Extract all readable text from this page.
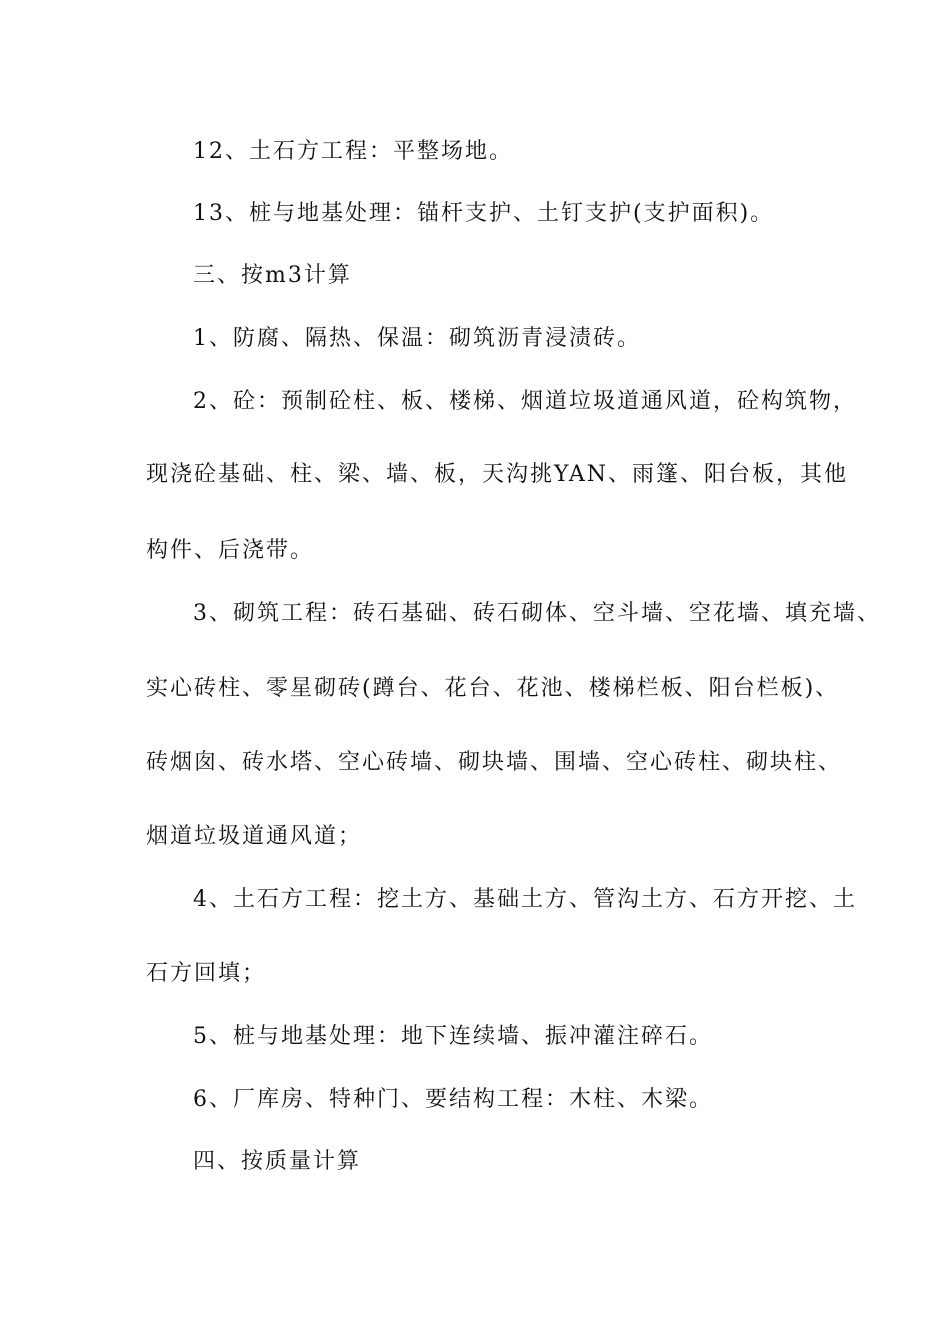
12、土石方工程：平整场地。
13、桩与地基处理：锚杆支护、土钉支护(支护面积)。
三、按m3计算
1、防腐、隔热、保温：砌筑沥青浸渍砖。
2、砼：预制砼柱、板、楼梯、烟道垃圾道通风道，砼构筑物，
现浇砼基础、柱、梁、墙、板，天沟挑YAN、雨篷、阳台板，其他
构件、后浇带。
3、砌筑工程：砖石基础、砖石砌体、空斗墙、空花墙、填充墙、
实心砖柱、零星砌砖(蹲台、花台、花池、楼梯栏板、阳台栏板)、
砖烟囱、砖水塔、空心砖墙、砌块墙、围墙、空心砖柱、砌块柱、
烟道垃圾道通风道；
4、土石方工程：挖土方、基础土方、管沟土方、石方开挖、土
石方回填；
5、桩与地基处理：地下连续墙、振冲灌注碎石。
6、厂库房、特种门、要结构工程：木柱、木梁。
四、按质量计算
